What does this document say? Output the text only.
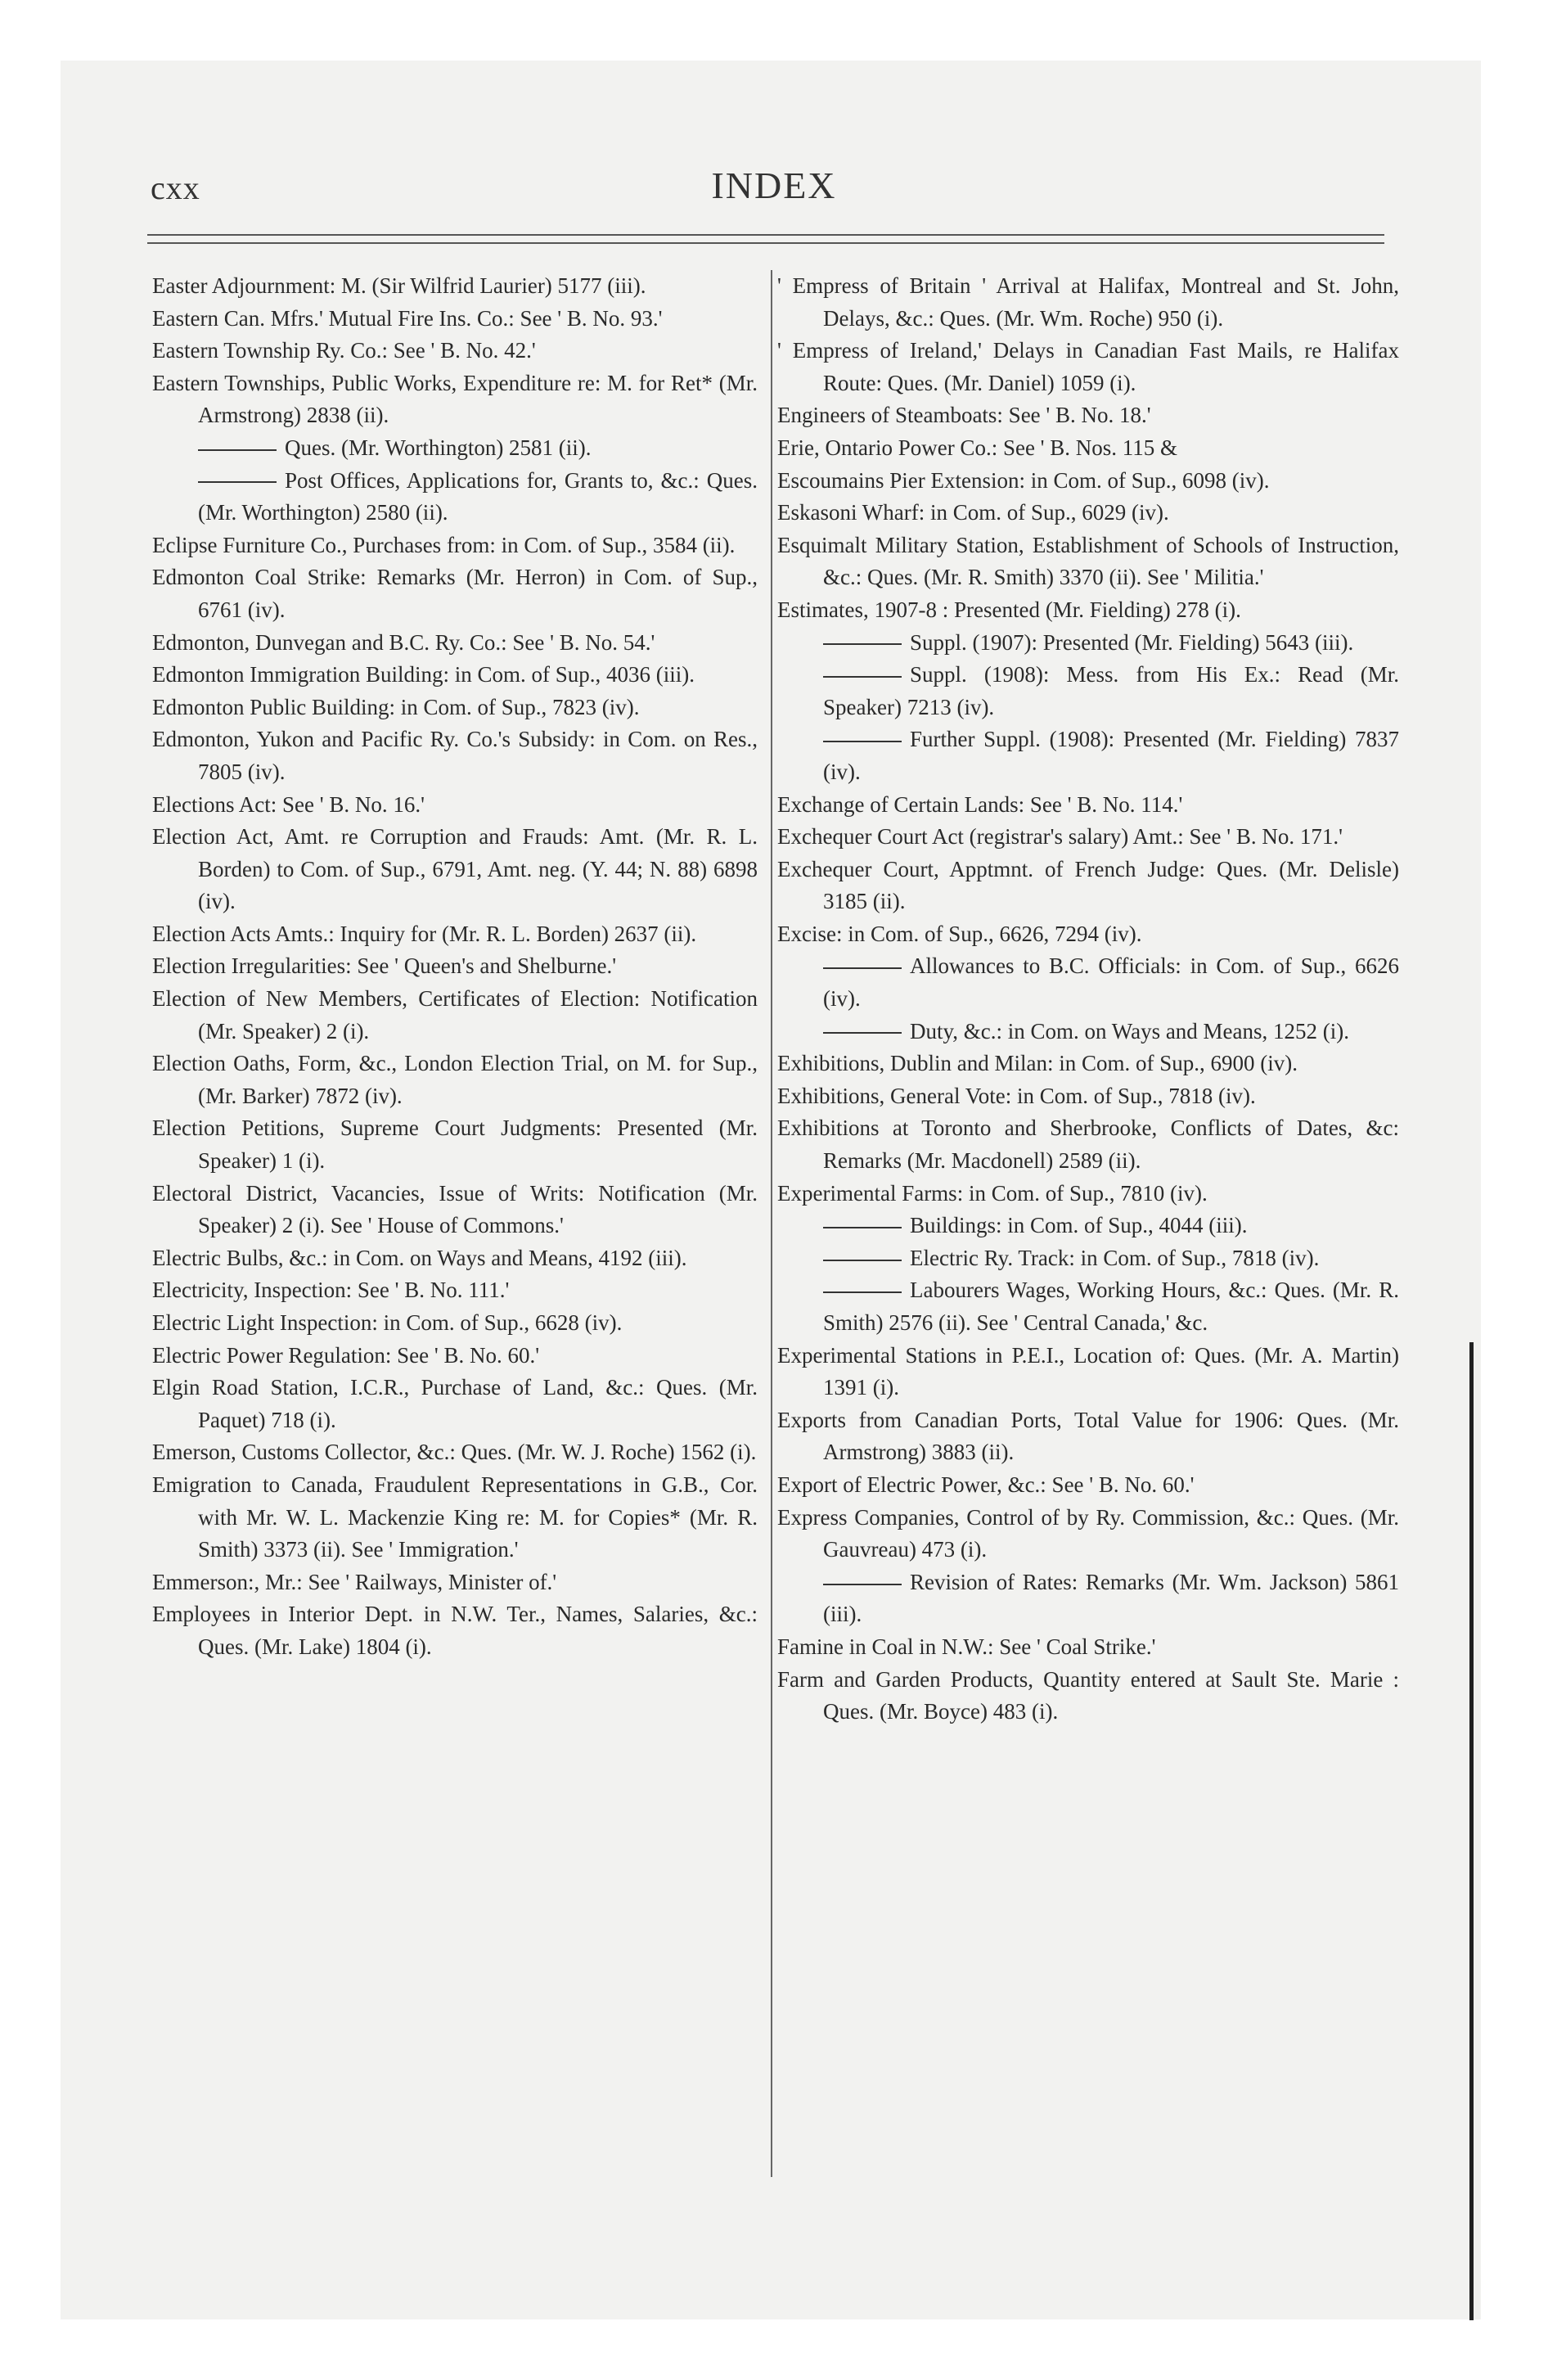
cxx	INDEX

Easter Adjournment: M. (Sir Wilfrid Laurier) 5177 (iii).

Eastern Can. Mfrs.' Mutual Fire Ins. Co.: See ' B. No. 93.'

Eastern Township Ry. Co.: See ' B. No. 42.'

Eastern Townships, Public Works, Expenditure re: M. for Ret* (Mr. Armstrong) 2838 (ii).

Ques. (Mr. Worthington) 2581 (ii).

Post Offices, Applications for, Grants to, &c.: Ques. (Mr. Worthington) 2580 (ii).

Eclipse Furniture Co., Purchases from: in Com. of Sup., 3584 (ii).

Edmonton Coal Strike: Remarks (Mr. Herron) in Com. of Sup., 6761 (iv).

Edmonton, Dunvegan and B.C. Ry. Co.: See ' B. No. 54.'

Edmonton Immigration Building: in Com. of Sup., 4036 (iii).

Edmonton Public Building: in Com. of Sup., 7823 (iv).

Edmonton, Yukon and Pacific Ry. Co.'s Subsidy: in Com. on Res., 7805 (iv).

Elections Act: See ' B. No. 16.'

Election Act, Amt. re Corruption and Frauds: Amt. (Mr. R. L. Borden) to Com. of Sup., 6791, Amt. neg. (Y. 44; N. 88) 6898 (iv).

Election Acts Amts.: Inquiry for (Mr. R. L. Borden) 2637 (ii).

Election Irregularities: See ' Queen's and Shelburne.'

Election of New Members, Certificates of Election: Notification (Mr. Speaker) 2 (i).

Election Oaths, Form, &c., London Election Trial, on M. for Sup., (Mr. Barker) 7872 (iv).

Election Petitions, Supreme Court Judgments: Presented (Mr. Speaker) 1 (i).

Electoral District, Vacancies, Issue of Writs: Notification (Mr. Speaker) 2 (i). See ' House of Commons.'

Electric Bulbs, &c.: in Com. on Ways and Means, 4192 (iii).

Electricity, Inspection: See ' B. No. 111.'

Electric Light Inspection: in Com. of Sup., 6628 (iv).

Electric Power Regulation: See ' B. No. 60.'

Elgin Road Station, I.C.R., Purchase of Land, &c.: Ques. (Mr. Paquet) 718 (i).

Emerson, Customs Collector, &c.: Ques. (Mr. W. J. Roche) 1562 (i).

Emigration to Canada, Fraudulent Representations in G.B., Cor. with Mr. W. L. Mackenzie King re: M. for Copies* (Mr. R. Smith) 3373 (ii). See ' Immigration.'

Emmerson:, Mr.: See ' Railways, Minister of.'

Employees in Interior Dept. in N.W. Ter., Names, Salaries, &c.: Ques. (Mr. Lake) 1804 (i).

' Empress of Britain ' Arrival at Halifax, Montreal and St. John, Delays, &c.: Ques. (Mr. Wm. Roche) 950 (i).

' Empress of Ireland,' Delays in Canadian Fast Mails, re Halifax Route: Ques. (Mr. Daniel) 1059 (i).

Engineers of Steamboats: See ' B. No. 18.'

Erie, Ontario Power Co.: See ' B. Nos. 115 &

Escoumains Pier Extension: in Com. of Sup., 6098 (iv).

Eskasoni Wharf: in Com. of Sup., 6029 (iv).

Esquimalt Military Station, Establishment of Schools of Instruction, &c.: Ques. (Mr. R. Smith) 3370 (ii). See ' Militia.'

Estimates, 1907-8 : Presented (Mr. Fielding) 278 (i).

Suppl. (1907): Presented (Mr. Fielding) 5643 (iii).

Suppl. (1908): Mess. from His Ex.: Read (Mr. Speaker) 7213 (iv).

Further Suppl. (1908): Presented (Mr. Fielding) 7837 (iv).

Exchange of Certain Lands: See ' B. No. 114.'

Exchequer Court Act (registrar's salary) Amt.: See ' B. No. 171.'

Exchequer Court, Apptmnt. of French Judge: Ques. (Mr. Delisle) 3185 (ii).

Excise: in Com. of Sup., 6626, 7294 (iv).

Allowances to B.C. Officials: in Com. of Sup., 6626 (iv).

Duty, &c.: in Com. on Ways and Means, 1252 (i).

Exhibitions, Dublin and Milan: in Com. of Sup., 6900 (iv).

Exhibitions, General Vote: in Com. of Sup., 7818 (iv).

Exhibitions at Toronto and Sherbrooke, Conflicts of Dates, &c: Remarks (Mr. Macdonell) 2589 (ii).

Experimental Farms: in Com. of Sup., 7810 (iv).

Buildings: in Com. of Sup., 4044 (iii).

Electric Ry. Track: in Com. of Sup., 7818 (iv).

Labourers Wages, Working Hours, &c.: Ques. (Mr. R. Smith) 2576 (ii). See ' Central Canada,' &c.

Experimental Stations in P.E.I., Location of: Ques. (Mr. A. Martin) 1391 (i).

Exports from Canadian Ports, Total Value for 1906: Ques. (Mr. Armstrong) 3883 (ii).

Export of Electric Power, &c.: See ' B. No. 60.'

Express Companies, Control of by Ry. Commission, &c.: Ques. (Mr. Gauvreau) 473 (i).

Revision of Rates: Remarks (Mr. Wm. Jackson) 5861 (iii).

Famine in Coal in N.W.: See ' Coal Strike.'

Farm and Garden Products, Quantity entered at Sault Ste. Marie : Ques. (Mr. Boyce) 483 (i).
